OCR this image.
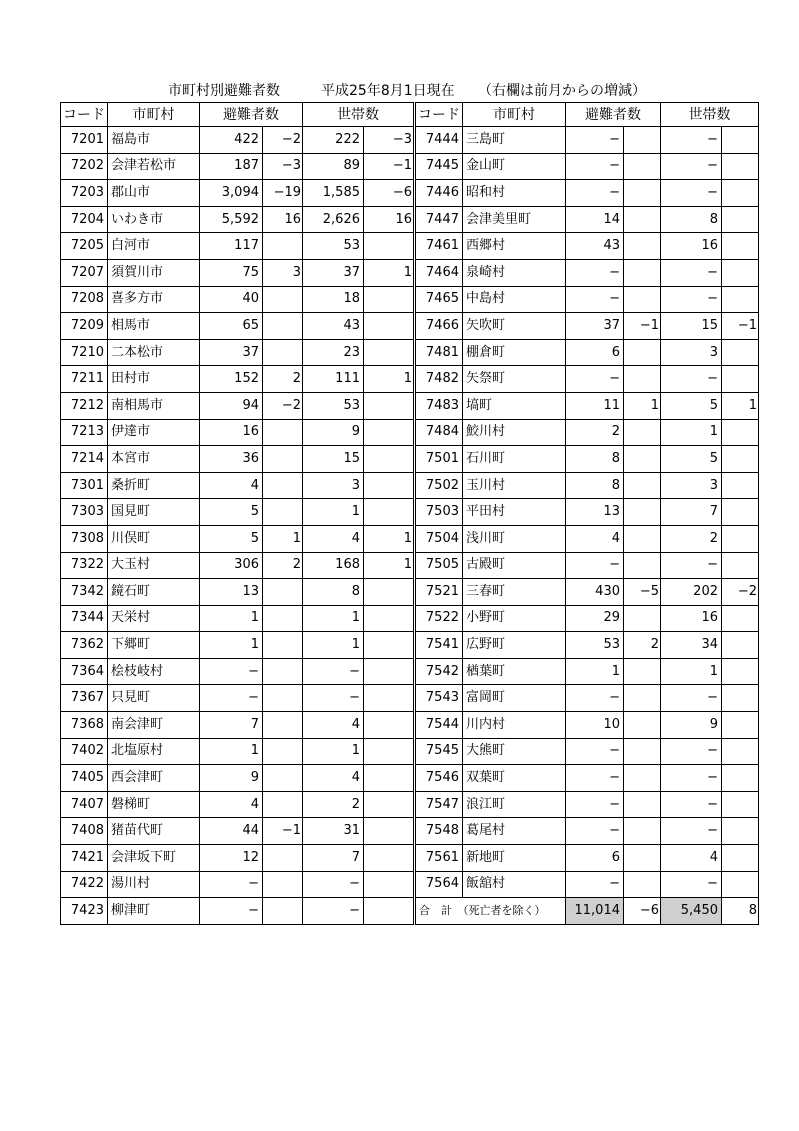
市町村別避難者数	平成25年8月1日現在 （右欄は前月からの増減）
コード	市町村	避難者数		世帯数		コード	市町村	避難者数		世帯数	
7201	福島市	422	−2	222	−3	7444	三島町	−		−	
7202	会津若松市	187	−3	89	−1	7445	金山町	−		−	
7203	郡山市	3,094	−19	1,585	−6	7446	昭和村	−		−	
7204	いわき市	5,592	16	2,626	16	7447	会津美里町	14		8	
7205	白河市	117		53		7461	西郷村	43		16	
7207	須賀川市	75	3	37	1	7464	泉崎村	−		−	
7208	喜多方市	40		18		7465	中島村	−		−	
7209	相馬市	65		43		7466	矢吹町	37	−1	15	−1
7210	二本松市	37		23		7481	棚倉町	6		3	
7211	田村市	152	2	111	1	7482	矢祭町	−		−	
7212	南相馬市	94	−2	53		7483	塙町	11	1	5	1
7213	伊達市	16		9		7484	鮫川村	2		1	
7214	本宮市	36		15		7501	石川町	8		5	
7301	桑折町	4		3		7502	玉川村	8		3	
7303	国見町	5		1		7503	平田村	13		7	
7308	川俣町	5	1	4	1	7504	浅川町	4		2	
7322	大玉村	306	2	168	1	7505	古殿町	−		−	
7342	鏡石町	13		8		7521	三春町	430	−5	202	−2
7344	天栄村	1		1		7522	小野町	29		16	
7362	下郷町	1		1		7541	広野町	53	2	34	
7364	桧枝岐村	−		−		7542	楢葉町	1		1	
7367	只見町	−		−		7543	富岡町	−		−	
7368	南会津町	7		4		7544	川内村	10		9	
7402	北塩原村	1		1		7545	大熊町	−		−	
7405	西会津町	9		4		7546	双葉町	−		−	
7407	磐梯町	4		2		7547	浪江町	−		−	
7408	猪苗代町	44	−1	31		7548	葛尾村	−		−	
7421	会津坂下町	12		7		7561	新地町	6		4	
7422	湯川村	−		−		7564	飯舘村	−		−	
7423	柳津町	−		−		合　計　（死亡者を除く）		11,014	−6	5,450	8
